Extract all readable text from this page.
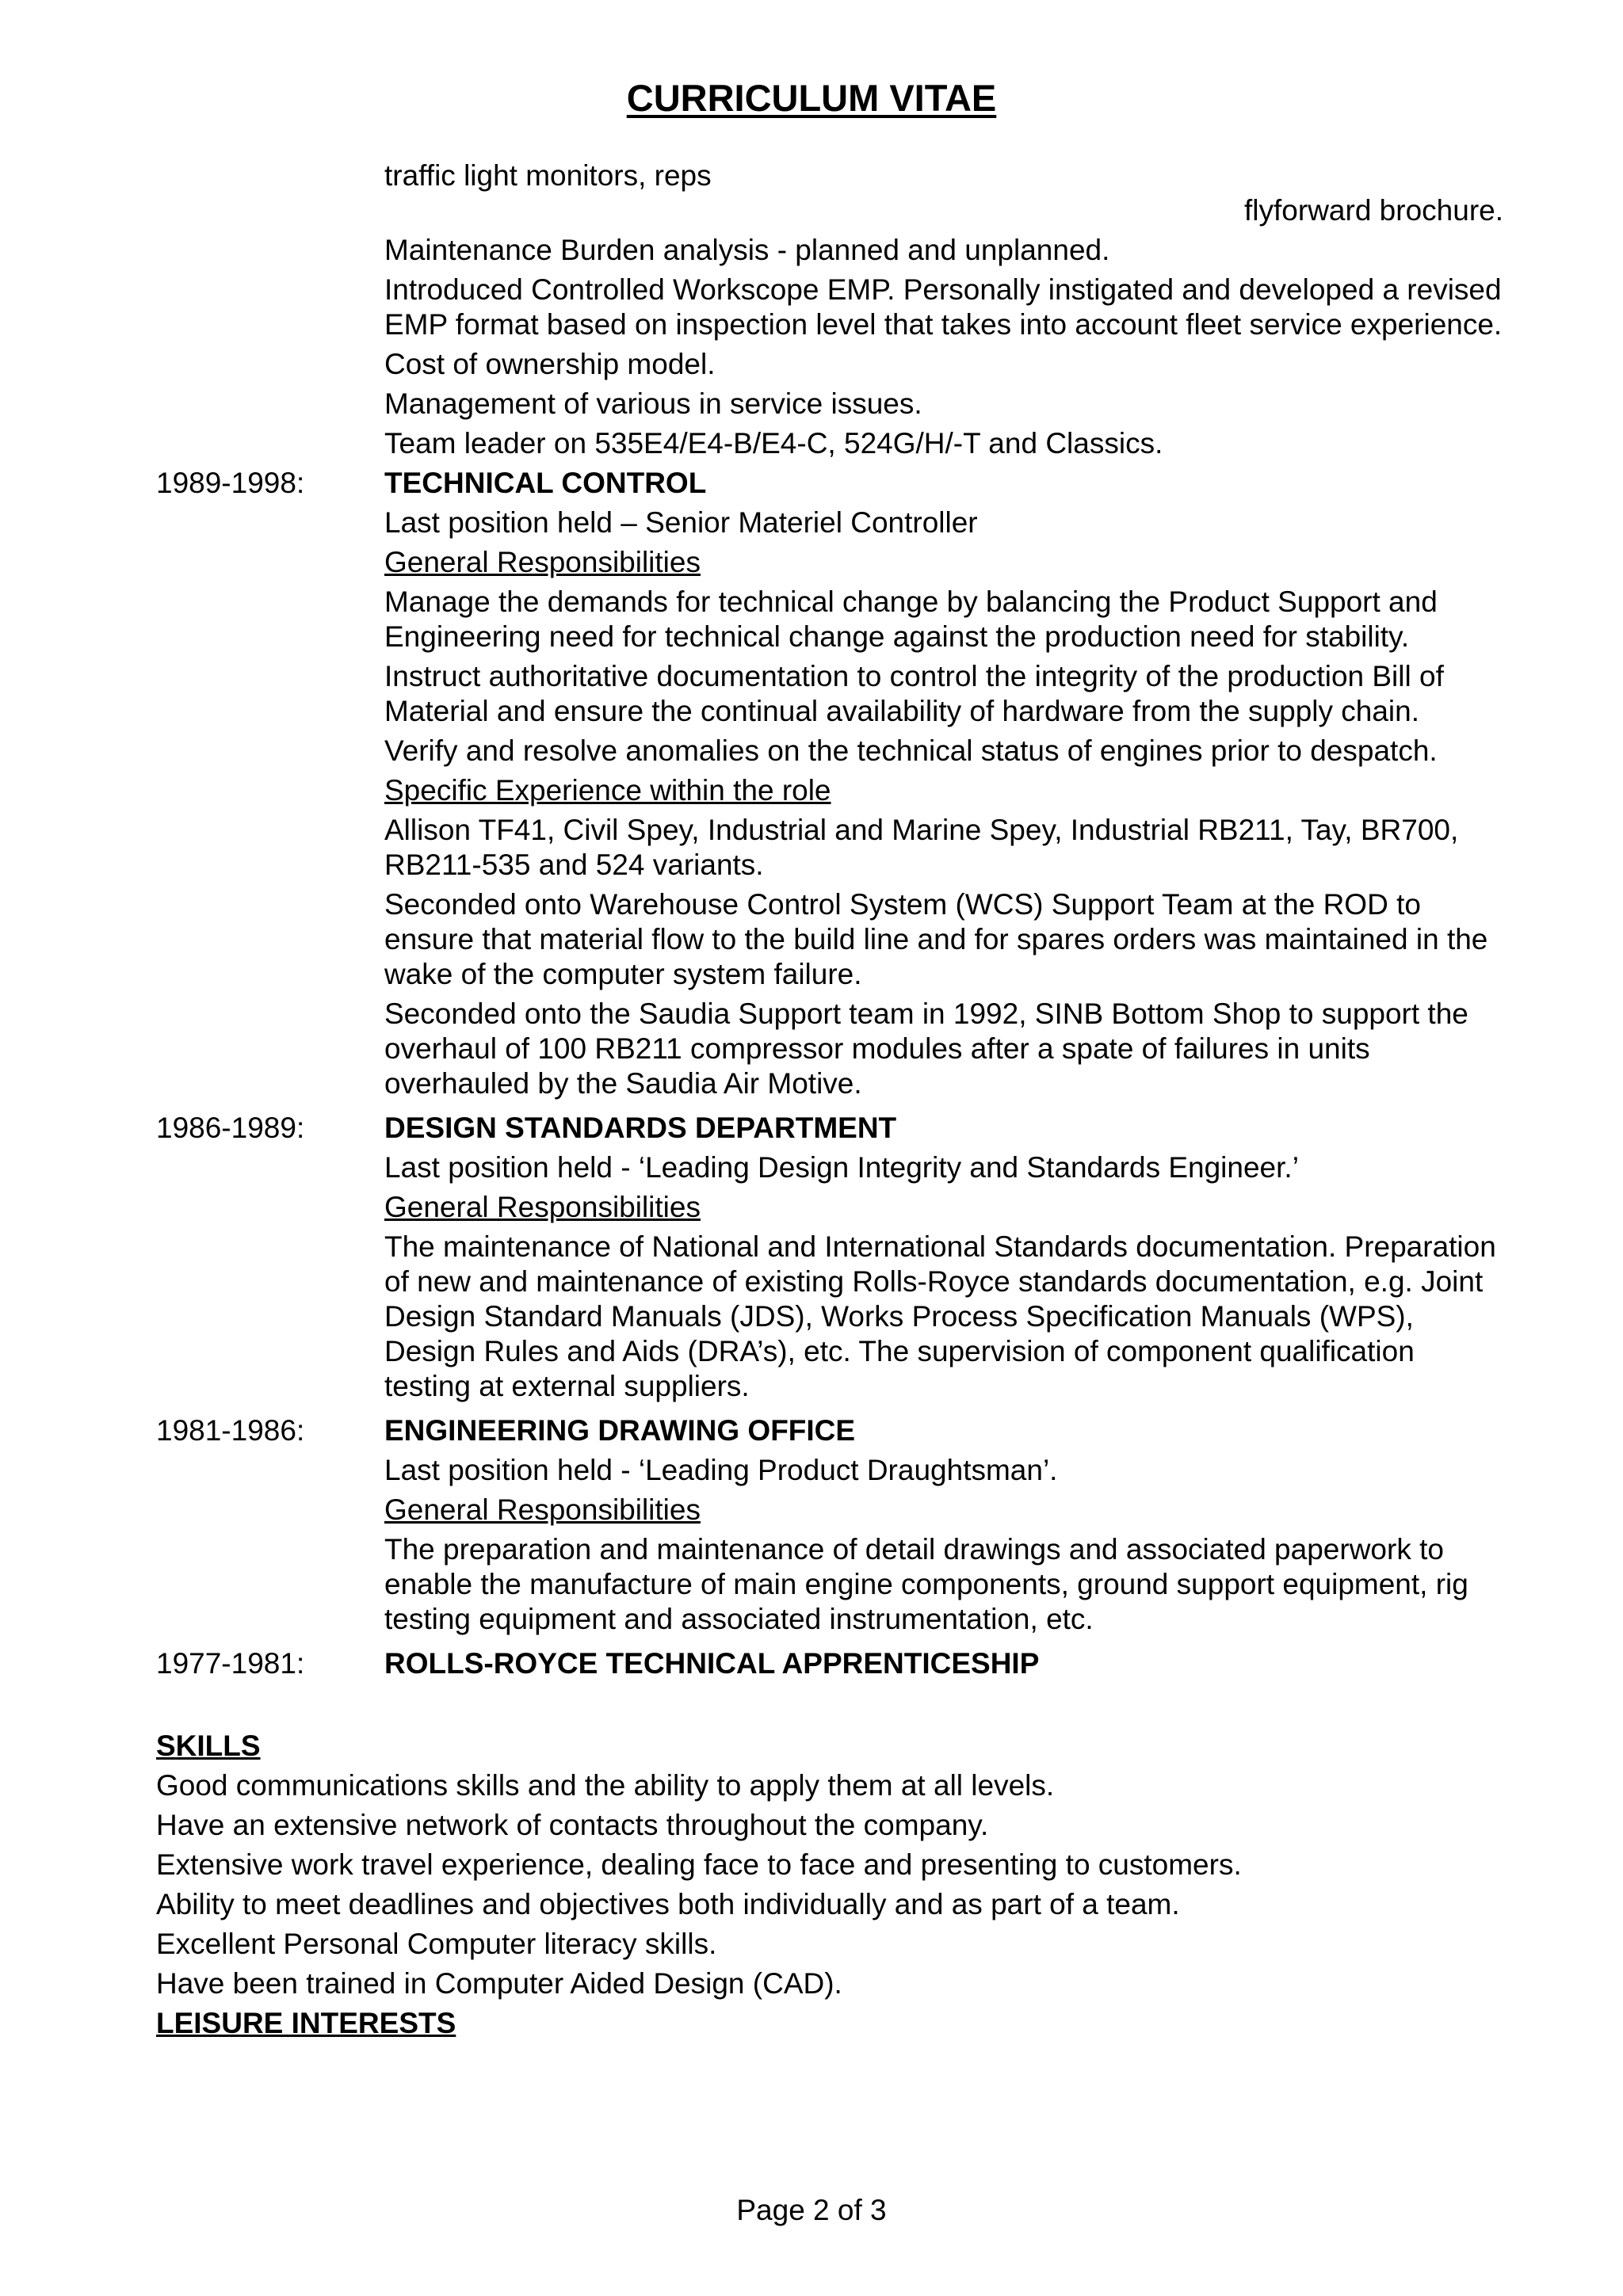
CURRICULUM VITAE

traffic light monitors, reps

flyforward brochure.

Maintenance Burden analysis - planned and unplanned.

Introduced Controlled Workscope EMP. Personally instigated and developed a revised EMP format based on inspection level that takes into account fleet service experience.

Cost of ownership model.

Management of various in service issues.

Team leader on 535E4/E4-B/E4-C, 524G/H/-T and Classics.

1989-1998:	TECHNICAL CONTROL

Last position held – Senior Materiel Controller

General Responsibilities

Manage the demands for technical change by balancing the Product Support and Engineering need for technical change against the production need for stability.

Instruct authoritative documentation to control the integrity of the production Bill of Material and ensure the continual availability of hardware from the supply chain.

Verify and resolve anomalies on the technical status of engines prior to despatch.

Specific Experience within the role

Allison TF41, Civil Spey, Industrial and Marine Spey, Industrial RB211, Tay, BR700, RB211-535 and 524 variants.

Seconded onto Warehouse Control System (WCS) Support Team at the ROD to ensure that material flow to the build line and for spares orders was maintained in the wake of the computer system failure.

Seconded onto the Saudia Support team in 1992, SINB Bottom Shop to support the overhaul of 100 RB211 compressor modules after a spate of failures in units overhauled by the Saudia Air Motive.

1986-1989:	DESIGN STANDARDS DEPARTMENT

Last position held - ‘Leading Design Integrity and Standards Engineer.’

General Responsibilities

The maintenance of National and International Standards documentation. Preparation of new and maintenance of existing Rolls-Royce standards documentation, e.g. Joint Design Standard Manuals (JDS), Works Process Specification Manuals (WPS), Design Rules and Aids (DRA’s), etc. The supervision of component qualification testing at external suppliers.

1981-1986:	ENGINEERING DRAWING OFFICE

Last position held - ‘Leading Product Draughtsman’.

General Responsibilities

The preparation and maintenance of detail drawings and associated paperwork to enable the manufacture of main engine components, ground support equipment, rig testing equipment and associated instrumentation, etc.

1977-1981:	ROLLS-ROYCE TECHNICAL APPRENTICESHIP

SKILLS

Good communications skills and the ability to apply them at all levels.

Have an extensive network of contacts throughout the company.

Extensive work travel experience, dealing face to face and presenting to customers.

Ability to meet deadlines and objectives both individually and as part of a team.

Excellent Personal Computer literacy skills.

Have been trained in Computer Aided Design (CAD).

LEISURE INTERESTS

Page 2 of 3
